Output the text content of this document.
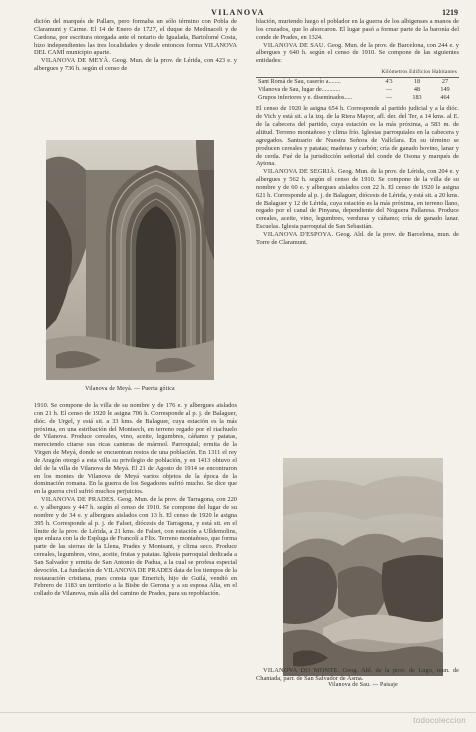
VILANOVA	1219

dición del marqués de Pallars, pero formaba un sólo término con Pobla de Claramunt y Carme. El 14 de Enero de 1727, el duque de Medinaceli y de Cardona, por escritura otorgada ante el notario de Igualada, Bartolomé Costa, hizo independientes las tres localidades y desde entonces forma VILANOVA DEL CAMÍ municipio aparte.

VILANOVA DE MEYÀ. Geog. Mun. de la prov. de Lérida, con 423 e. y albergues y 736 h. según el censo de

Vilanova de Meyà. — Puerta gótica

1910. Se compone de la villa de su nombre y de 176 e. y albergues aislados con 21 h. El censo de 1920 le asigna 706 h. Corresponde al p. j. de Balaguer, dióc. de Urgel, y está sit. a 33 kms. de Balaguer, cuya estación es la más próxima, en una estribación del Montsech, en terreno regado por el riachuelo de Vilanova. Produce cereales, vino, aceite, legumbres, cáñamo y patatas, mereciendo citarse sus ricas canteras de mármol. Parroquial; ermita de la Virgen de Meyá, donde se encuentran restos de una población. En 1311 el rey de Aragón otorgó a esta villa su privilegio de población, y en 1413 obtuvo el del de la villa de Vilanova de Meyá. El 21 de Agosto de 1914 se encontraron en los montes de Vilanova de Meyá varios objetos de la época de la dominación romana. En la guerra de los Segadores sufrió mucho. Se dice que en la guerra civil sufrió muchos perjuicios.

VILANOVA DE PRADES. Geog. Mun. de la prov. de Tarragona, con 220 e. y albergues y 447 h. según el censo de 1910. Se compone del lugar de su nombre y de 34 e. y albergues aislados con 13 h. El censo de 1920 le asigna 395 h. Corresponde al p. j. de Falset, diócesis de Tarragona, y está sit. en el límite de la prov. de Lérida, a 21 kms. de Falset, con estación a Ulldemolins, que enlaza con la de Espluga de Francolí a Flix. Terreno montañoso, que forma parte de las sierras de la Llena, Prades y Montsant, y clima seco. Produce cereales, legumbres, vino, aceite, frutas y patatas. Iglesia parroquial dedicada a San Salvador y ermita de San Antonio de Padua, a la cual se profesa especial devoción. La fundación de VILANOVA DE PRADES data de los tiempos de la restauración cristiana, pues consta que Emerich, hijo de Guilá, vendió en Febrero de 1183 un territorio a la Bisbe de Gerona y a su esposa Alia, en el collado de Vilanova, más allá del camino de Prades, para su repoblación.

blación, muriendo luego el poblador en la guerra de los albigenses a manos de los cruzados, que lo ahorcaron. El lugar pasó a formar parte de la baronía del conde de Prades, en 1324.

VILANOVA DE SAU. Geog. Mun. de la prov. de Barcelona, con 244 e. y albergues y 640 h. según el censo de 1910. Se compone de las siguientes entidades:

Kilómetros Edificios Habitantes
Sant Romà de Sau, caserío a........	4'3	18	27
Vilanova de Sau, lugar de............	—	48	149
Grupos inferiores y e. diseminados.....	—	183	464

El censo de 1920 le asigna 654 h. Corresponde al partido judicial y a la dióc. de Vich y está sit. a la izq. de la Riera Mayor, afl. der. del Ter, a 14 kms. al E. de la cabecera del partido, cuya estación es la más próxima, a 583 m. de altitud. Terreno montañoso y clima frío. Iglesias parroquiales en la cabecera y agregados. Santuario de Nuestra Señora de Vallclara. En su término se producen cereales y patatas; maderas y carbón; cría de ganado bovino, lanar y de cerda. Fué de la jurisdicción señorial del conde de Osona y marqués de Aytona.

VILANOVA DE SEGRIÀ. Geog. Mun. de la prov. de Lérida, con 204 e. y albergues y 562 h. según el censo de 1910. Se compone de la villa de su nombre y de 60 e. y albergues aislados con 22 h. El censo de 1920 le asigna 621 h. Corresponde al p. j. de Balaguer, diócesis de Lérida, y está sit. a 20 kms. de Balaguer y 12 de Lérida, cuya estación es la más próxima, en terreno llano, regado por el canal de Pinyana, dependiente del Noguera Pallaresa. Produce cereales, aceite, vino, legumbres, verduras y cáñamo; cría de ganado lanar. Escuelas. Iglesia parroquial de San Sebastián.

VILANOVA D'ESPOYA. Geog. Ald. de la prov. de Barcelona, mun. de Torre de Claramunt.

Vilanova de Sau. — Paisaje

VILANOVA DO MONTE. Geog. Ald. de la prov. de Lugo, mun. de Chantada, parr. de San Salvador de Asma.

todocoleccion
